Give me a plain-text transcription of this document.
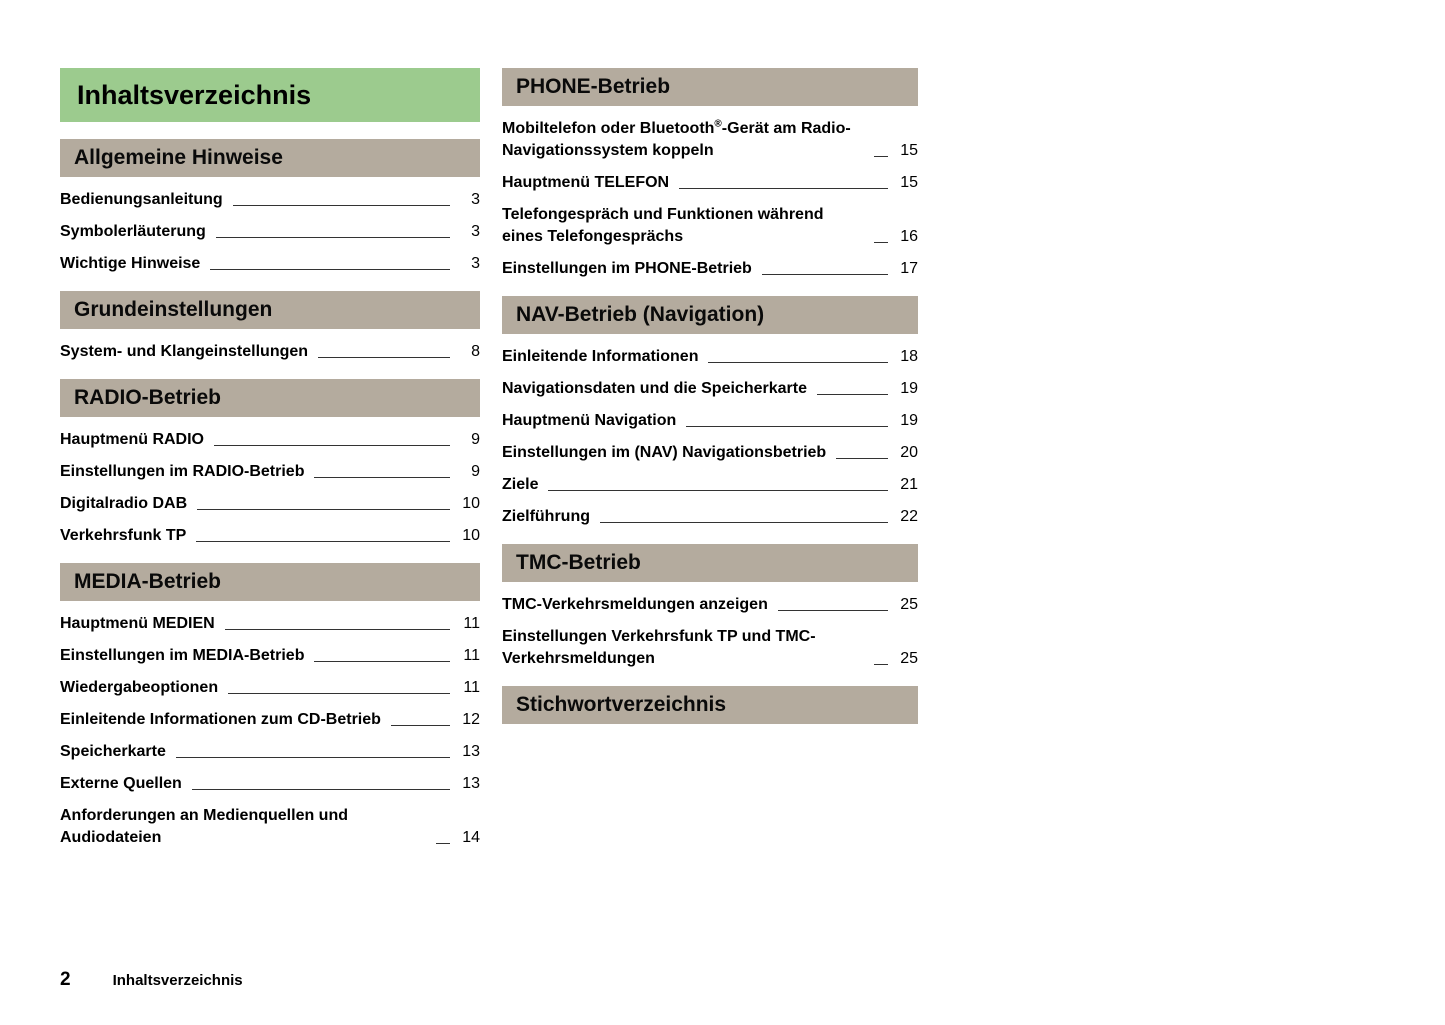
Inhaltsverzeichnis
Allgemeine Hinweise
Bedienungsanleitung	3
Symbolerläuterung	3
Wichtige Hinweise	3
Grundeinstellungen
System- und Klangeinstellungen	8
RADIO-Betrieb
Hauptmenü RADIO	9
Einstellungen im RADIO-Betrieb	9
Digitalradio DAB	10
Verkehrsfunk TP	10
MEDIA-Betrieb
Hauptmenü MEDIEN	11
Einstellungen im MEDIA-Betrieb	11
Wiedergabeoptionen	11
Einleitende Informationen zum CD-Betrieb	12
Speicherkarte	13
Externe Quellen	13
Anforderungen an Medienquellen und Audiodateien	14
PHONE-Betrieb
Mobiltelefon oder Bluetooth®-Gerät am Radio-Navigationssystem koppeln	15
Hauptmenü TELEFON	15
Telefongespräch und Funktionen während eines Telefongesprächs	16
Einstellungen im PHONE-Betrieb	17
NAV-Betrieb (Navigation)
Einleitende Informationen	18
Navigationsdaten und die Speicherkarte	19
Hauptmenü Navigation	19
Einstellungen im (NAV) Navigationsbetrieb	20
Ziele	21
Zielführung	22
TMC-Betrieb
TMC-Verkehrsmeldungen anzeigen	25
Einstellungen Verkehrsfunk TP und TMC-Verkehrsmeldungen	25
Stichwortverzeichnis
2	Inhaltsverzeichnis
